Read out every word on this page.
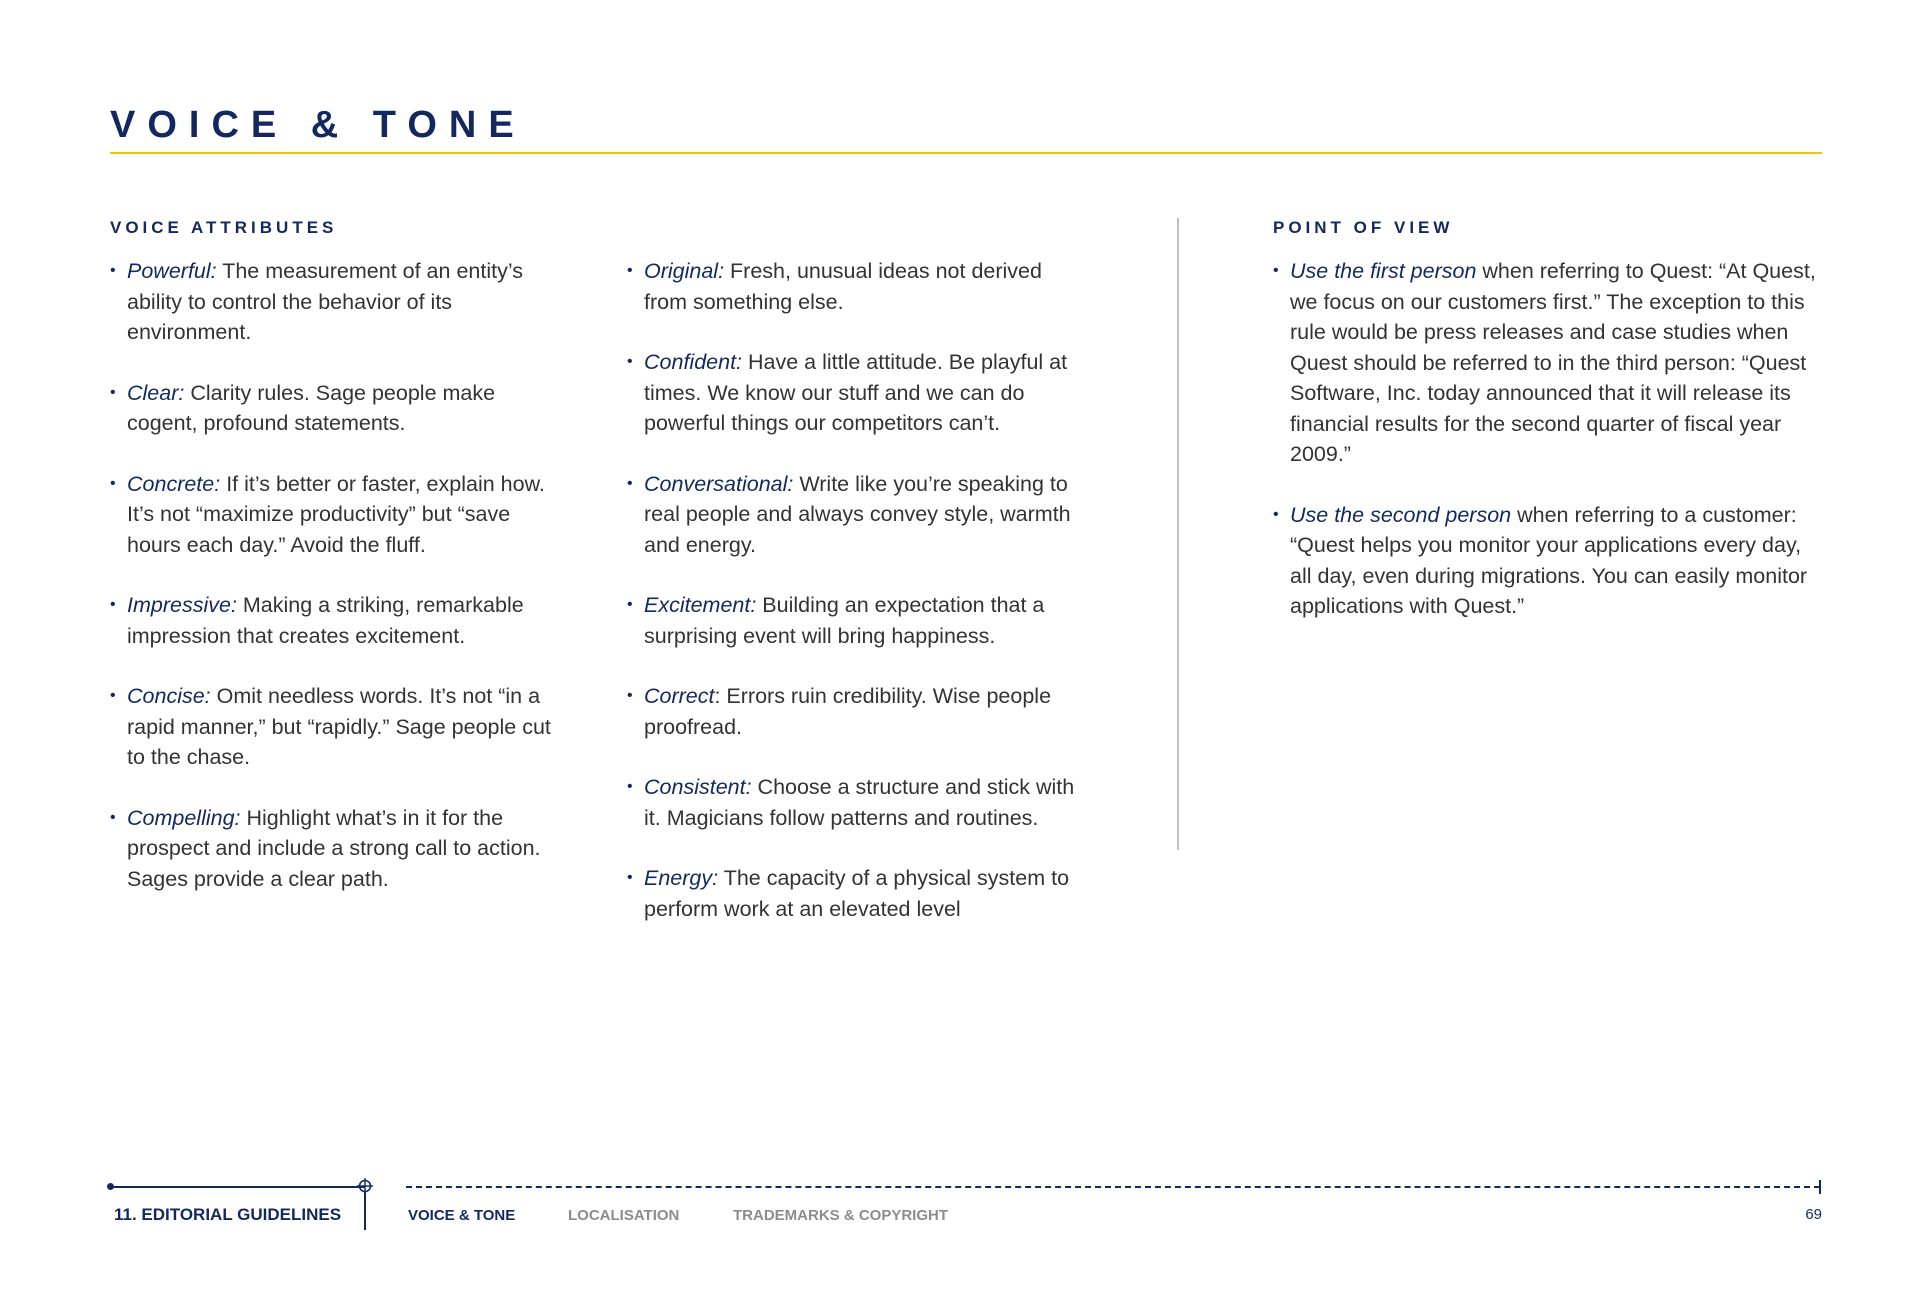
VOICE & TONE
VOICE ATTRIBUTES
• Powerful: The measurement of an entity’s ability to control the behavior of its environment.
• Clear: Clarity rules. Sage people make cogent, profound statements.
• Concrete: If it’s better or faster, explain how. It’s not “maximize productivity” but “save hours each day.” Avoid the fluff.
• Impressive: Making a striking, remarkable impression that creates excitement.
• Concise: Omit needless words. It’s not “in a rapid manner,” but “rapidly.” Sage people cut to the chase.
• Compelling: Highlight what’s in it for the prospect and include a strong call to action. Sages provide a clear path.
• Original: Fresh, unusual ideas not derived from something else.
• Confident: Have a little attitude. Be playful at times. We know our stuff and we can do powerful things our competitors can’t.
• Conversational: Write like you’re speaking to real people and always convey style, warmth and energy.
• Excitement: Building an expectation that a surprising event will bring happiness.
• Correct: Errors ruin credibility. Wise people proofread.
• Consistent: Choose a structure and stick with it. Magicians follow patterns and routines.
• Energy: The capacity of a physical system to perform work at an elevated level
POINT OF VIEW
• Use the first person when referring to Quest: “At Quest, we focus on our customers first.” The exception to this rule would be press releases and case studies when Quest should be referred to in the third person: “Quest Software, Inc. today announced that it will release its financial results for the second quarter of fiscal year 2009.”
• Use the second person when referring to a customer: “Quest helps you monitor your applications every day, all day, even during migrations. You can easily monitor applications with Quest.”
11. EDITORIAL GUIDELINES	VOICE & TONE	LOCALISATION	TRADEMARKS & COPYRIGHT	69
